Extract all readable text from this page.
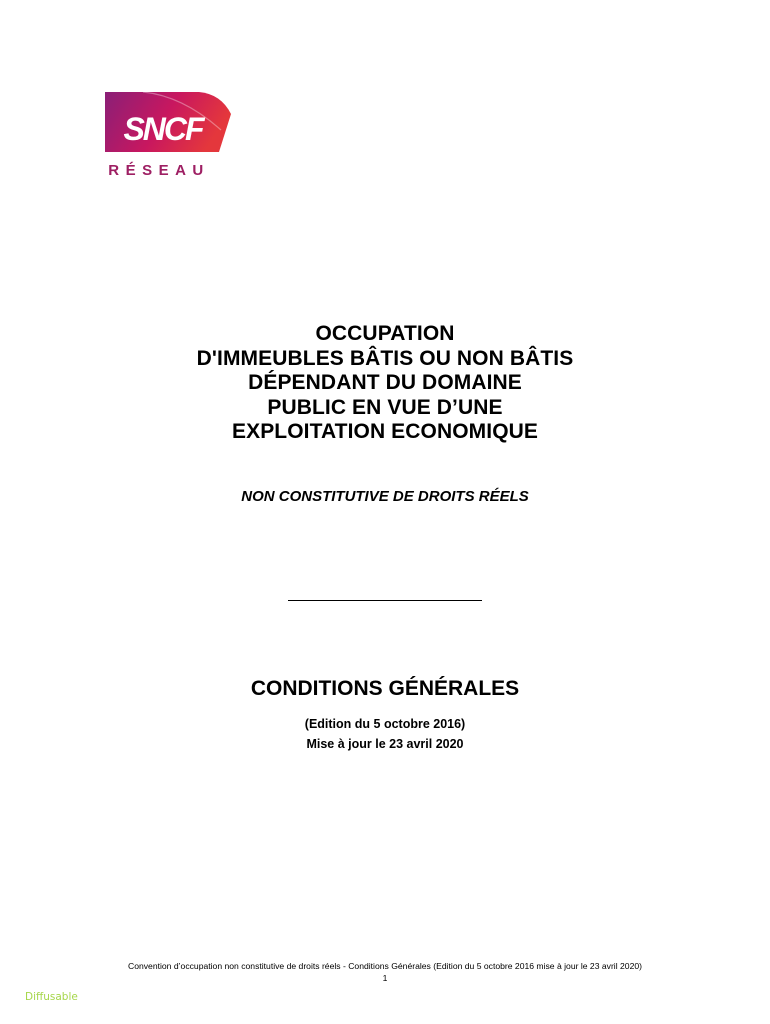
SNCF
RÉSEAU
OCCUPATION
D'IMMEUBLES BÂTIS OU NON BÂTIS
DÉPENDANT DU DOMAINE
PUBLIC EN VUE D’UNE
EXPLOITATION ECONOMIQUE
NON CONSTITUTIVE DE DROITS RÉELS
CONDITIONS GÉNÉRALES
(Edition du 5 octobre 2016)
Mise à jour le 23 avril 2020
Convention d’occupation non constitutive de droits réels - Conditions Générales (Edition du 5 octobre 2016 mise à jour le 23 avril 2020)
1
Diffusable
